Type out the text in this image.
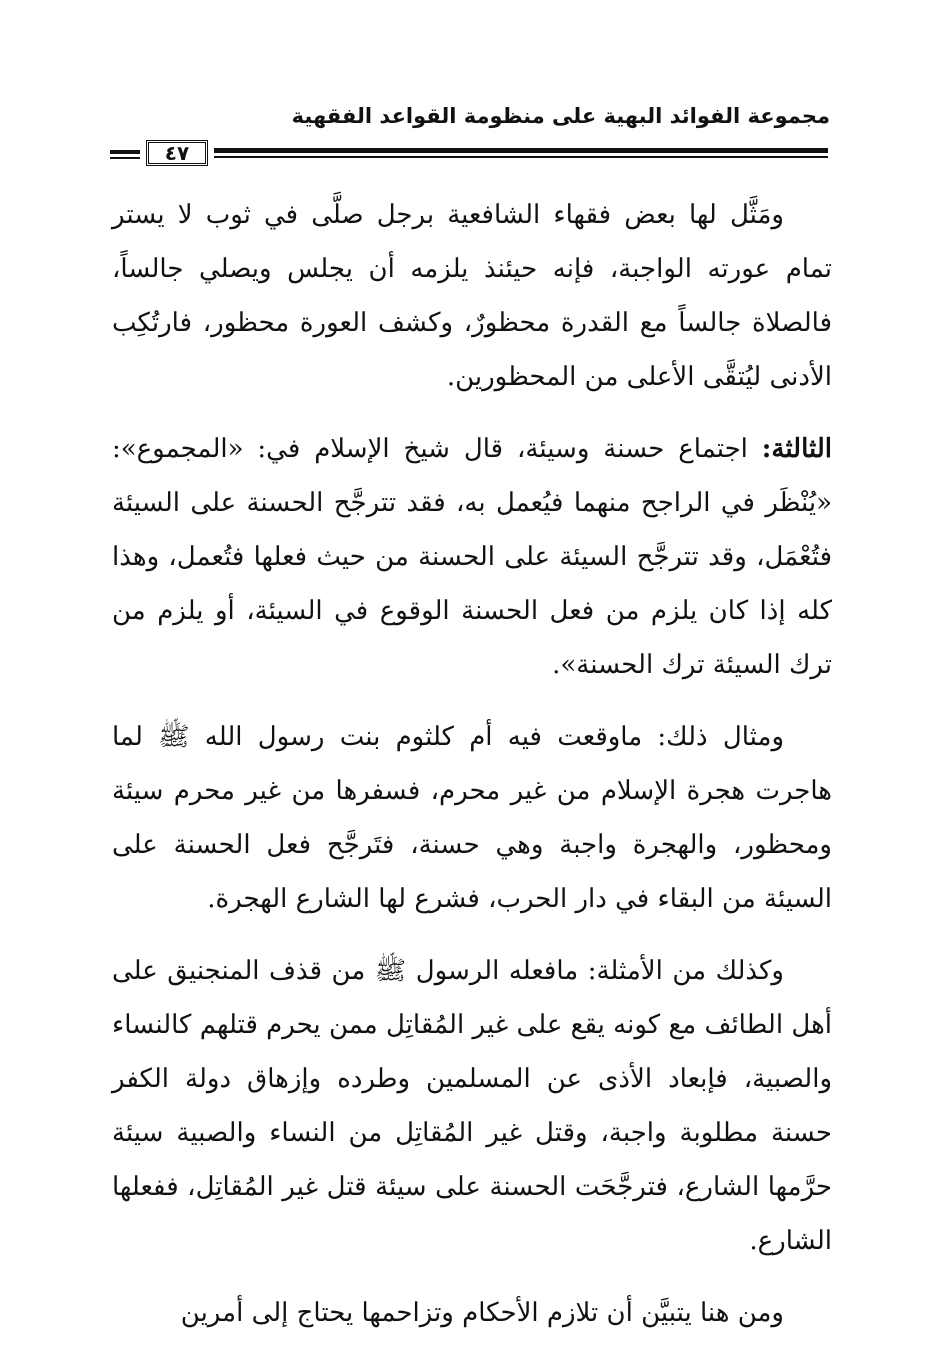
مجموعة الفوائد البهية على منظومة القواعد الفقهية
٤٧

ومَثَّل لها بعض فقهاء الشافعية برجل صلَّى في ثوب لا يستر تمام عورته الواجبة، فإنه حيئنذ يلزمه أن يجلس ويصلي جالساً، فالصلاة جالساً مع القدرة محظورٌ، وكشف العورة محظور، فارتُكِب الأدنى ليُتقَّى الأعلى من المحظورين.

الثالثة: اجتماع حسنة وسيئة، قال شيخ الإسلام في: «المجموع»: «يُنْظَر في الراجح منهما فيُعمل به، فقد تترجَّح الحسنة على السيئة فتُعْمَل، وقد تترجَّح السيئة على الحسنة من حيث فعلها فتُعمل، وهذا كله إذا كان يلزم من فعل الحسنة الوقوع في السيئة، أو يلزم من ترك السيئة ترك الحسنة».

ومثال ذلك: ماوقعت فيه أم كلثوم بنت رسول الله ﷺ لما هاجرت هجرة الإسلام من غير محرم، فسفرها من غير محرم سيئة ومحظور، والهجرة واجبة وهي حسنة، فتَرجَّح فعل الحسنة على السيئة من البقاء في دار الحرب، فشرع لها الشارع الهجرة.

وكذلك من الأمثلة: مافعله الرسول ﷺ من قذف المنجنيق على أهل الطائف مع كونه يقع على غير المُقاتِل ممن يحرم قتلهم كالنساء والصبية، فإبعاد الأذى عن المسلمين وطرده وإزهاق دولة الكفر حسنة مطلوبة واجبة، وقتل غير المُقاتِل من النساء والصبية سيئة حرَّمها الشارع، فترجَّحَت الحسنة على سيئة قتل غير المُقاتِل، ففعلها الشارع.

ومن هنا يتبيَّن أن تلازم الأحكام وتزاحمها يحتاج إلى أمرين
